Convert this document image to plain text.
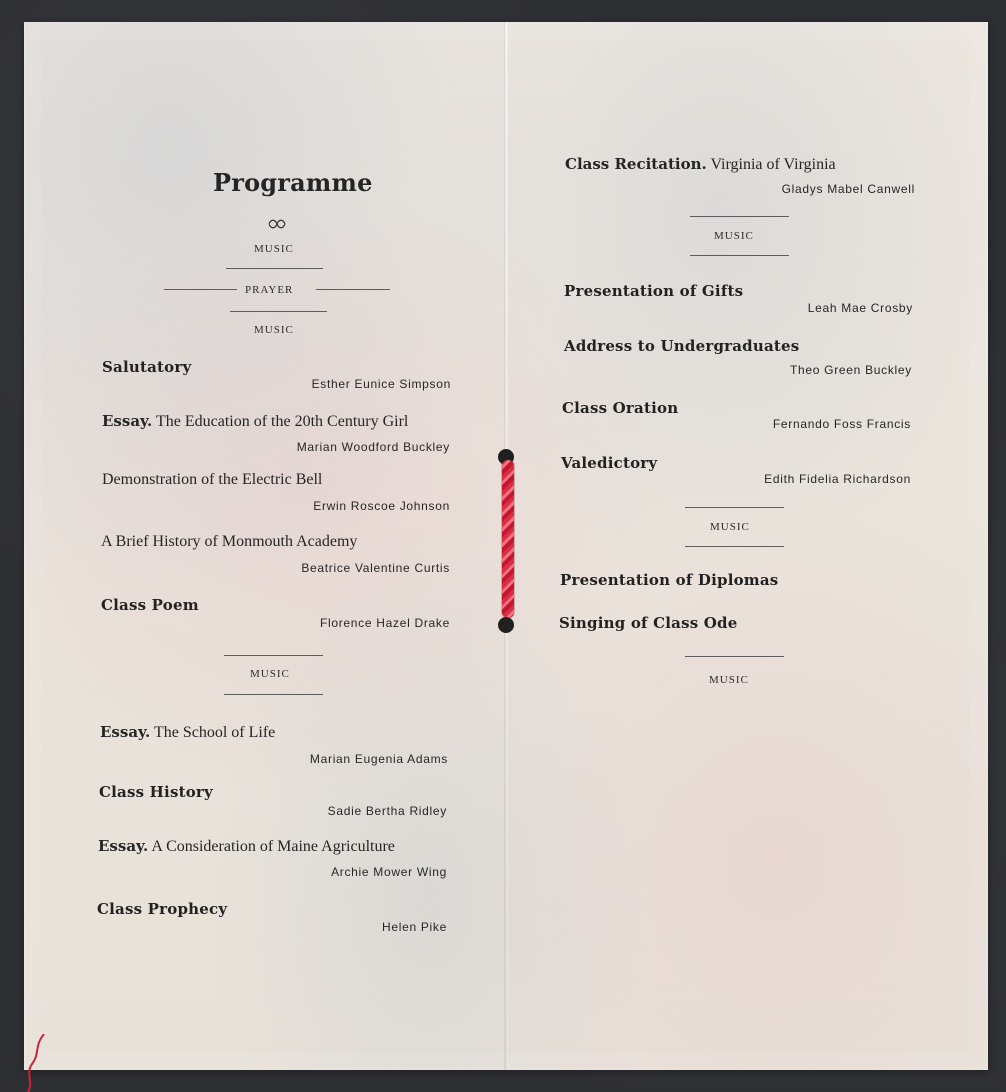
Programme
MUSIC
PRAYER
MUSIC
Salutatory
Esther Eunice Simpson
Essay. The Education of the 20th Century Girl
Marian Woodford Buckley
Demonstration of the Electric Bell
Erwin Roscoe Johnson
A Brief History of Monmouth Academy
Beatrice Valentine Curtis
Class Poem
Florence Hazel Drake
MUSIC
Essay. The School of Life
Marian Eugenia Adams
Class History
Sadie Bertha Ridley
Essay. A Consideration of Maine Agriculture
Archie Mower Wing
Class Prophecy
Helen Pike
Class Recitation. Virginia of Virginia
Gladys Mabel Canwell
MUSIC
Presentation of Gifts
Leah Mae Crosby
Address to Undergraduates
Theo Green Buckley
Class Oration
Fernando Foss Francis
Valedictory
Edith Fidelia Richardson
MUSIC
Presentation of Diplomas
Singing of Class Ode
MUSIC
